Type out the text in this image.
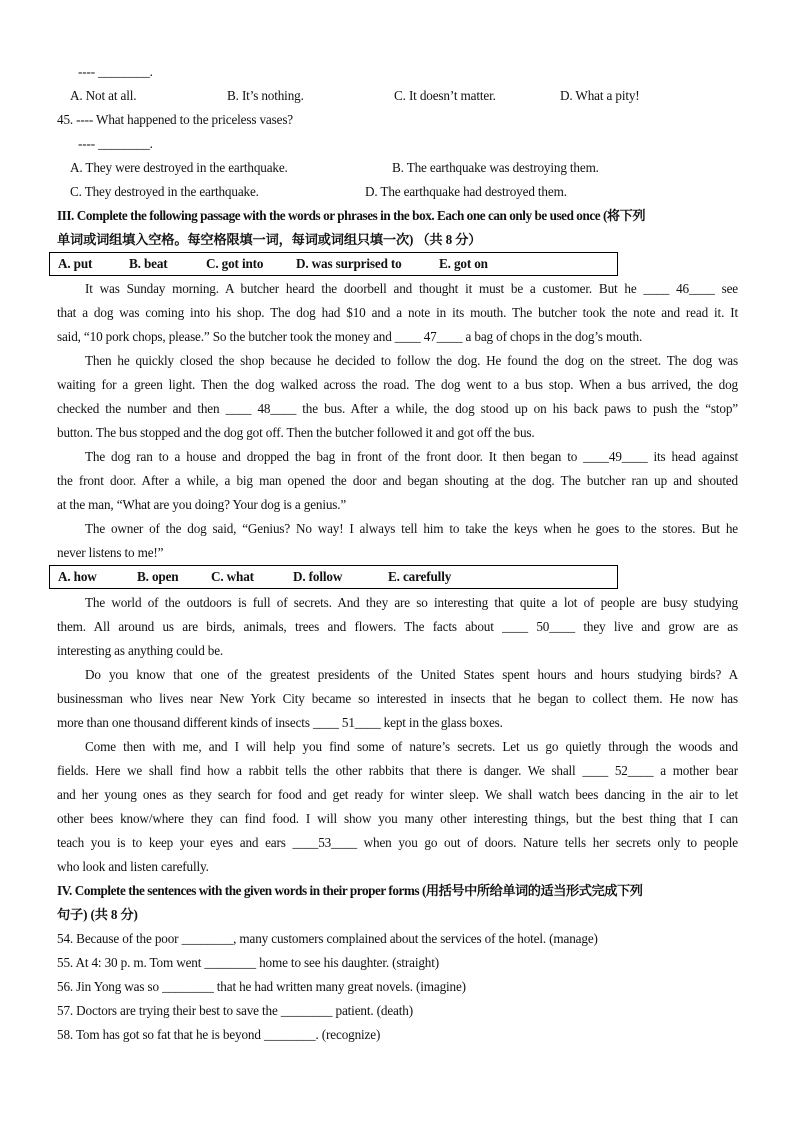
---- ________.
A. Not at all.	B. It’s nothing.	C. It doesn’t matter.	D. What a pity!
45. ---- What happened to the priceless vases?
---- ________.
A. They were destroyed in the earthquake.	B. The earthquake was destroying them.
C. They destroyed in the earthquake.	D. The earthquake had destroyed them.
III. Complete the following passage with the words or phrases in the box. Each one can only be used once (将下列
单词或词组填入空格。每空格限填一词，每词或词组只填一次) （共 8 分）
A. put	B. beat	C. got into D. was surprised to	E. got on
It was Sunday morning. A butcher heard the doorbell and thought it must be a customer. But he ____ 46____ see
that a dog was coming into his shop. The dog had $10 and a note in its mouth. The butcher took the note and read it. It
said, “10 pork chops, please.” So the butcher took the money and ____ 47____ a bag of chops in the dog’s mouth.
Then he quickly closed the shop because he decided to follow the dog. He found the dog on the street. The dog was
waiting for a green light. Then the dog walked across the road. The dog went to a bus stop. When a bus arrived, the dog
checked the number and then ____ 48____ the bus. After a while, the dog stood up on his back paws to push the “stop”
button. The bus stopped and the dog got off. Then the butcher followed it and got off the bus.
The dog ran to a house and dropped the bag in front of the front door. It then began to ____49____ its head against
the front door. After a while, a big man opened the door and began shouting at the dog. The butcher ran up and shouted
at the man, “What are you doing? Your dog is a genius.”
The owner of the dog said, “Genius? No way! I always tell him to take the keys when he goes to the stores. But he
never listens to me!”
A. how	B. open C. what	D. follow	E. carefully
The world of the outdoors is full of secrets. And they are so interesting that quite a lot of people are busy studying
them. All around us are birds, animals, trees and flowers. The facts about ____ 50____ they live and grow are as
interesting as anything could be.
Do you know that one of the greatest presidents of the United States spent hours and hours studying birds? A
businessman who lives near New York City became so interested in insects that he began to collect them. He now has
more than one thousand different kinds of insects ____ 51____ kept in the glass boxes.
Come then with me, and I will help you find some of nature’s secrets. Let us go quietly through the woods and
fields. Here we shall find how a rabbit tells the other rabbits that there is danger. We shall ____ 52____ a mother bear
and her young ones as they search for food and get ready for winter sleep. We shall watch bees dancing in the air to let
other bees know/where they can find food. I will show you many other interesting things, but the best thing that I can
teach you is to keep your eyes and ears ____53____ when you go out of doors. Nature tells her secrets only to people
who look and listen carefully.
IV. Complete the sentences with the given words in their proper forms (用括号中所给单词的适当形式完成下列
句子) (共 8 分)
54. Because of the poor ________, many customers complained about the services of the hotel. (manage)
55. At 4: 30 p. m. Tom went ________ home to see his daughter. (straight)
56. Jin Yong was so ________ that he had written many great novels. (imagine)
57. Doctors are trying their best to save the ________ patient. (death)
58. Tom has got so fat that he is beyond ________. (recognize)
